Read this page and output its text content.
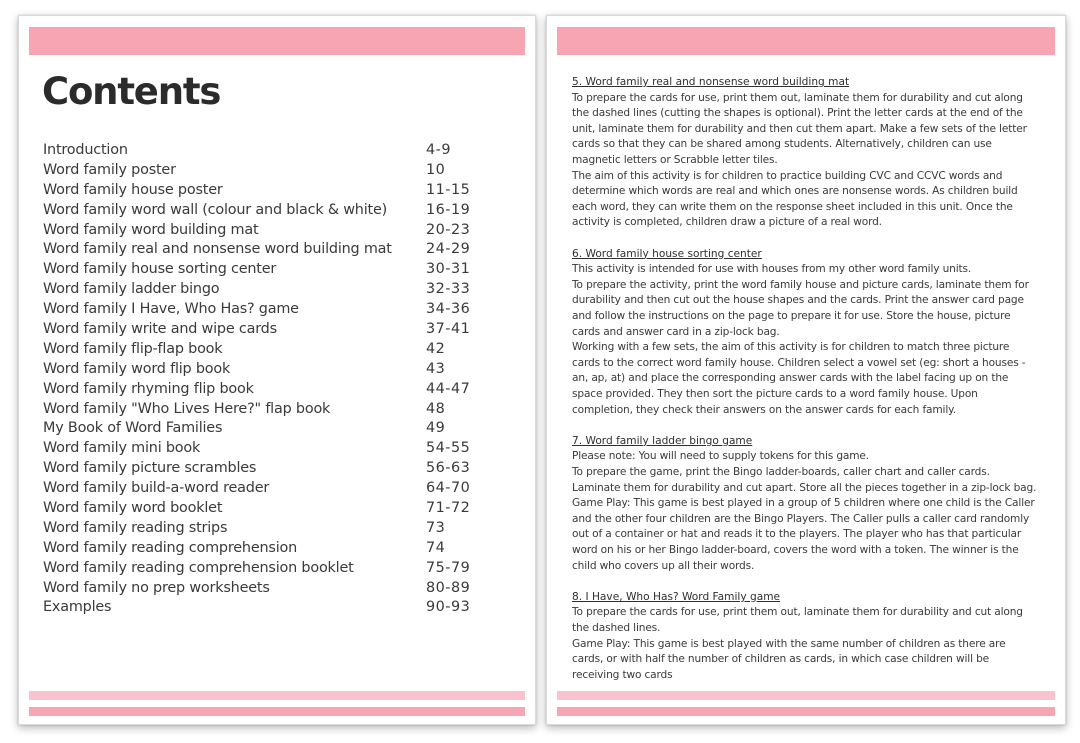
Contents
Introduction	4-9
Word family poster	10
Word family house poster	11-15
Word family word wall (colour and black & white)	16-19
Word family word building mat	20-23
Word family real and nonsense word building mat 24-29
Word family house sorting center	30-31
Word family ladder bingo	32-33
Word family I Have, Who Has? game	34-36
Word family write and wipe cards	37-41
Word family flip-flap book	42
Word family word flip book	43
Word family rhyming flip book	44-47
Word family "Who Lives Here?" flap book	48
My Book of Word Families	49
Word family mini book	54-55
Word family picture scrambles	56-63
Word family build-a-word reader	64-70
Word family word booklet	71-72
Word family reading strips	73
Word family reading comprehension	74
Word family reading comprehension booklet	75-79
Word family no prep worksheets	80-89
Examples	90-93

5. Word family real and nonsense word building mat

To prepare the cards for use, print them out, laminate them for durability and cut along the dashed lines (cutting the shapes is optional). Print the letter cards at the end of the unit, laminate them for durability and then cut them apart. Make a few sets of the letter cards so that they can be shared among students. Alternatively, children can use magnetic letters or Scrabble letter tiles.

The aim of this activity is for children to practice building CVC and CCVC words and determine which words are real and which ones are nonsense words. As children build each word, they can write them on the response sheet included in this unit. Once the activity is completed, children draw a picture of a real word.

6. Word family house sorting center

This activity is intended for use with houses from my other word family units.

To prepare the activity, print the word family house and picture cards, laminate them for durability and then cut out the house shapes and the cards. Print the answer card page and follow the instructions on the page to prepare it for use. Store the house, picture cards and answer card in a zip-lock bag.

Working with a few sets, the aim of this activity is for children to match three picture cards to the correct word family house. Children select a vowel set (eg: short a houses - an, ap, at) and place the corresponding answer cards with the label facing up on the space provided. They then sort the picture cards to a word family house. Upon completion, they check their answers on the answer cards for each family.

7. Word family ladder bingo game

Please note: You will need to supply tokens for this game.

To prepare the game, print the Bingo ladder-boards, caller chart and caller cards. Laminate them for durability and cut apart. Store all the pieces together in a zip-lock bag.

Game Play: This game is best played in a group of 5 children where one child is the Caller and the other four children are the Bingo Players. The Caller pulls a caller card randomly out of a container or hat and reads it to the players. The player who has that particular word on his or her Bingo ladder-board, covers the word with a token. The winner is the child who covers up all their words.

8. I Have, Who Has? Word Family game

To prepare the cards for use, print them out, laminate them for durability and cut along the dashed lines.

Game Play: This game is best played with the same number of children as there are cards, or with half the number of children as cards, in which case children will be receiving two cards
